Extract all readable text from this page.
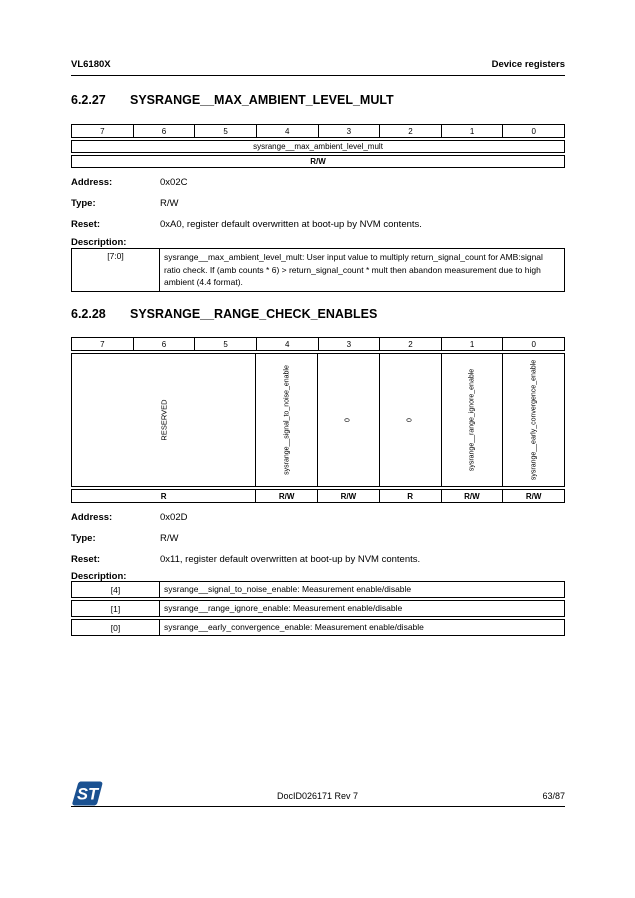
VL6180X	Device registers
6.2.27	SYSRANGE__MAX_AMBIENT_LEVEL_MULT
7	6	5	4	3	2	1	0
sysrange__max_ambient_level_mult
R/W
Address:	0x02C
Type:	R/W
Reset:	0xA0, register default overwritten at boot-up by NVM contents.
Description:
[7:0]	sysrange__max_ambient_level_mult: User input value to multiply return_signal_count for AMB:signal ratio check. If (amb counts * 6) > return_signal_count * mult then abandon measurement due to high ambient (4.4 format).
6.2.28	SYSRANGE__RANGE_CHECK_ENABLES
7	6	5	4	3	2	1	0
RESERVED	sysrange__signal_to_noise_enable	0	0	sysrange__range_ignore_enable	sysrange__early_convergence_enable
R	R/W	R/W	R	R/W	R/W
Address:	0x02D
Type:	R/W
Reset:	0x11, register default overwritten at boot-up by NVM contents.
Description:
[4]	sysrange__signal_to_noise_enable: Measurement enable/disable
[1]	sysrange__range_ignore_enable: Measurement enable/disable
[0]	sysrange__early_convergence_enable: Measurement enable/disable
ST	DocID026171 Rev 7	63/87
